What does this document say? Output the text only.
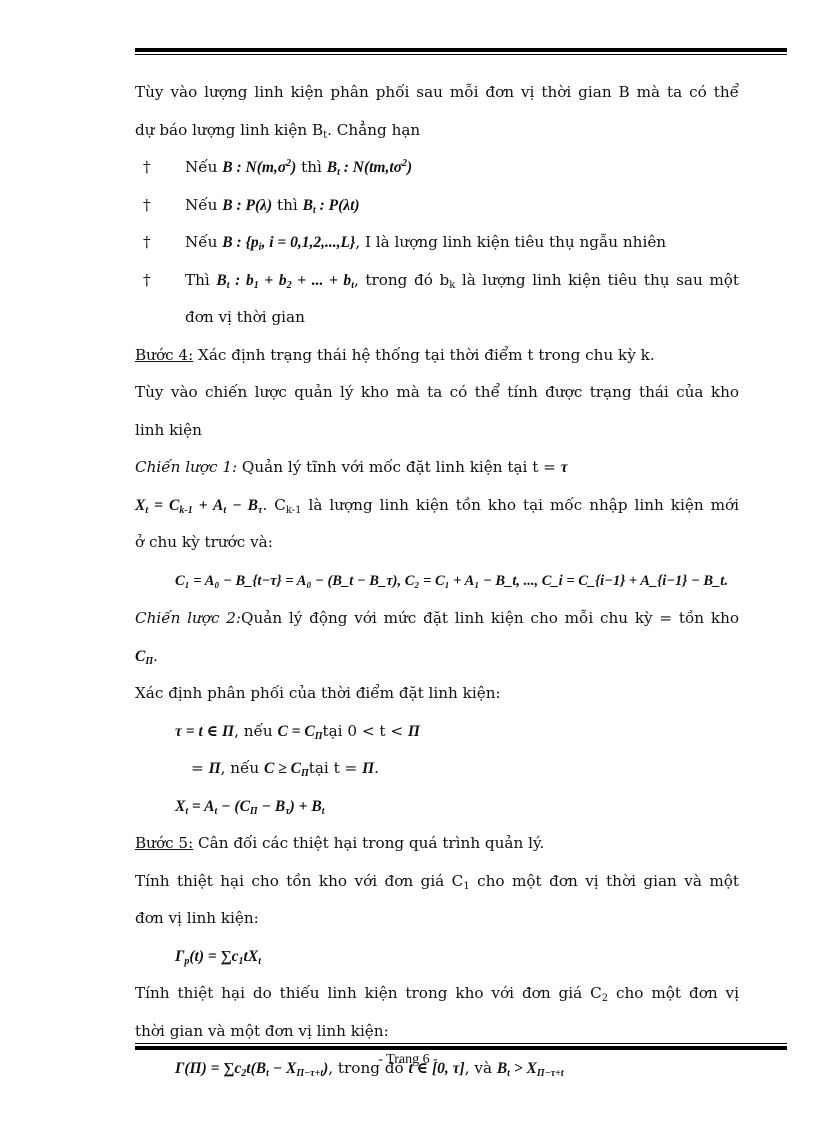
Tùy vào lượng linh kiện phân phối sau mỗi đơn vị thời gian B mà ta có thể

dự báo lượng linh kiện $B_t$. Chẳng hạn

† Nếu B : $N(m,\sigma^2)$ thì $B_t$ : $N(tm,t\sigma^2)$

† Nếu B : P(λ) thì $B_t$ : P(λt)

† Nếu B : {$p_i$, i = 0,1,2,...,L}, I là lượng linh kiện tiêu thụ ngẫu nhiên

† Thì $B_t$ : $b_1 + b_2$ + ... + $b_t$, trong đó $b_k$ là lượng linh kiện tiêu thụ sau một

đơn vị thời gian

Bước 4: Xác định trạng thái hệ thống tại thời điểm t trong chu kỳ k.

Tùy vào chiến lược quản lý kho mà ta có thể tính được trạng thái của kho

linh kiện

Chiến lược 1: Quản lý tĩnh với mốc đặt linh kiện tại t = τ

$X_t = C_{k-1} + A_t - B_\tau$. $C_{k-1}$ là lượng linh kiện tồn kho tại mốc nhập linh kiện mới

ở chu kỳ trước và:

C₁ = A₀ − B_{t−τ} = A₀ − (B_t − B_τ), C₂ = C₁ + A₁ − B_t, ..., C_i = C_{i−1} + A_{i−1} − B_t.

Chiến lược 2:Quản lý động với mức đặt linh kiện cho mỗi chu kỳ = tồn kho

$C_\Pi$.

Xác định phân phối của thời điểm đặt linh kiện:

τ = t ∈ Π, nếu $C = C_\Pi tại$ 0 < t < Π

= Π, nếu $C \ge C_\Pi tại$ t = Π.

$X_t = A_t - (C_\Pi - B_\tau) + B_t$

Bước 5: Cân đối các thiệt hại trong quá trình quản lý.

Tính thiệt hại cho tồn kho với đơn giá $C_1$ cho một đơn vị thời gian và một

đơn vị linh kiện:

$\Gamma_p(t) = \sum c_1tX_t$

Tính thiệt hại do thiếu linh kiện trong kho với đơn giá $C_2$ cho một đơn vị

thời gian và một đơn vị linh kiện:

$\Gamma(\Pi) = \sum c_2t(B_t - X_{\Pi-\tau+t})$, trong đó t ∈ [0, τ], và $B_t > X_{\Pi-\tau+t}$

- Trang 6 -
